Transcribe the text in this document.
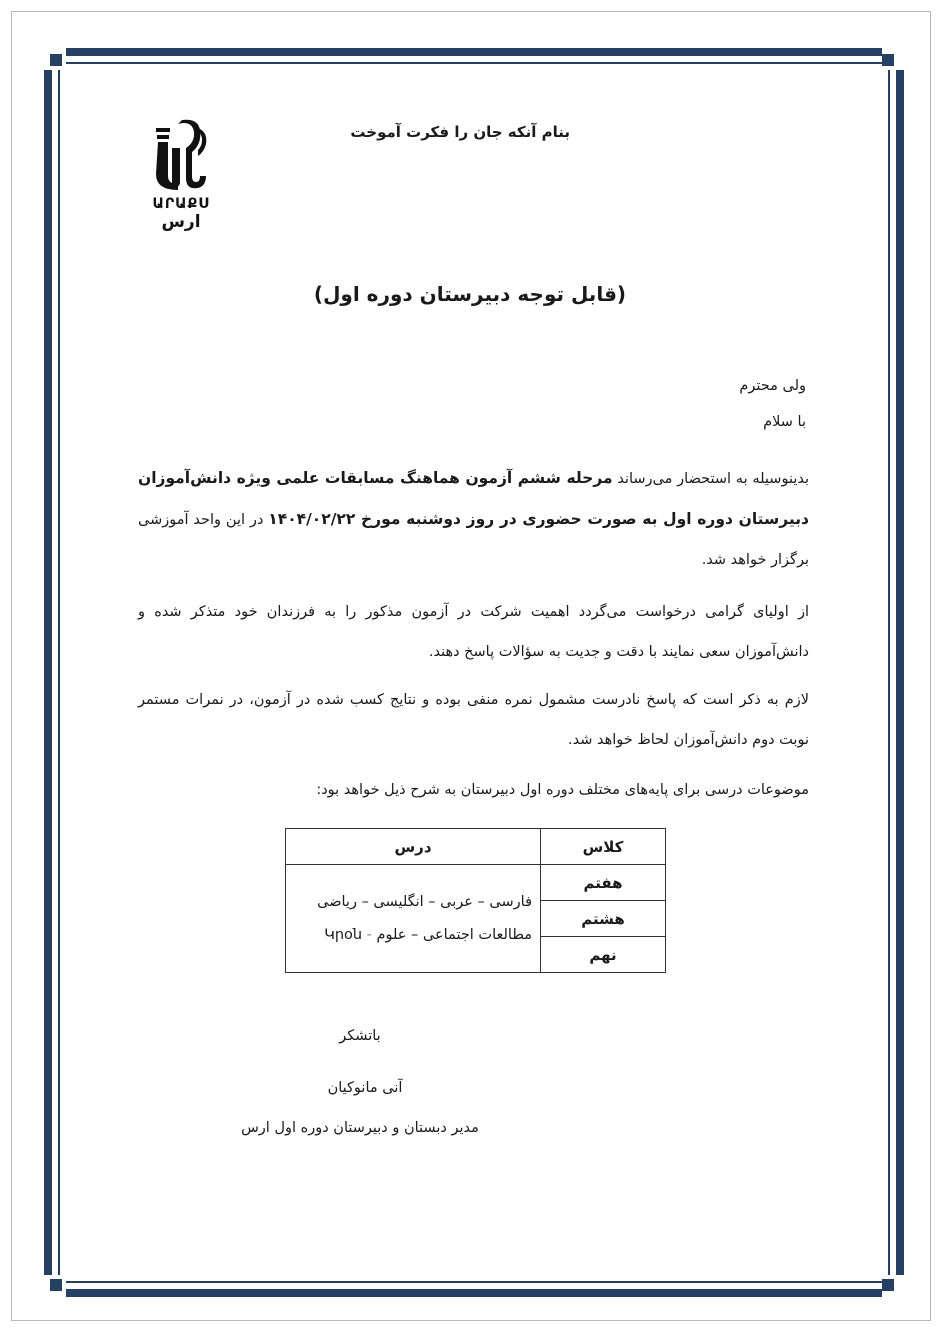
ԱՐԱՔՍ
ارس
بنام آنکه جان را فکرت آموخت
(قابل توجه دبیرستان دوره اول)
ولی محترم
با سلام
بدینوسیله به استحضار می‌رساند مرحله ششم آزمون هماهنگ مسابقات علمی ویژه دانش‌آموزان دبیرستان دوره اول به صورت حضوری در روز دوشنبه مورخ ۱۴۰۴/۰۲/۲۲ در این واحد آموزشی برگزار خواهد شد.
از اولیای گرامی درخواست می‌گردد اهمیت شرکت در آزمون مذکور را به فرزندان خود متذکر شده و دانش‌آموزان سعی نمایند با دقت و جدیت به سؤالات پاسخ دهند.
لازم به ذکر است که پاسخ نادرست مشمول نمره منفی بوده و نتایج کسب شده در آزمون، در نمرات مستمر نوبت دوم دانش‌آموزان لحاظ خواهد شد.
موضوعات درسی برای پایه‌های مختلف دوره اول دبیرستان به شرح ذیل خواهد بود:
کلاس	درس
هفتم	فارسی – عربی – انگلیسی – ریاضی
مطالعات اجتماعی – علوم - Կրօն

هشتم	
نهم	
باتشکر
آنی مانوکیان
مدیر دبستان و دبیرستان دوره اول ارس
